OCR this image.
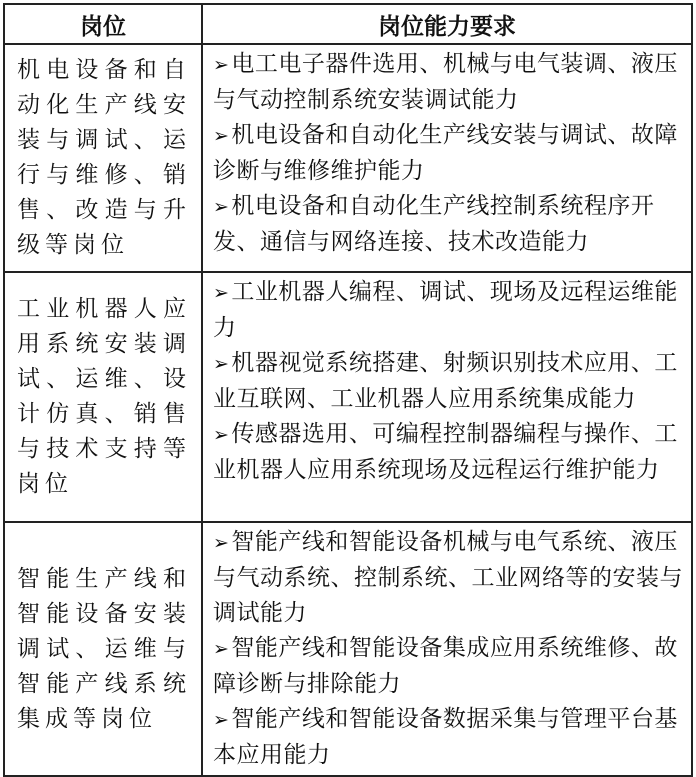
岗位	岗位能力要求
机电设备和自动化生产线安装与调试、运行与维修、销售、改造与升级等岗位	➢电工电子器件选用、机械与电气装调、液压与气动控制系统安装调试能力
➢机电设备和自动化生产线安装与调试、故障诊断与维修维护能力
➢机电设备和自动化生产线控制系统程序开发、通信与网络连接、技术改造能力

工业机器人应用系统安装调试、运维、设计仿真、销售与技术支持等岗位	➢工业机器人编程、调试、现场及远程运维能力
➢机器视觉系统搭建、射频识别技术应用、工业互联网、工业机器人应用系统集成能力
➢传感器选用、可编程控制器编程与操作、工业机器人应用系统现场及远程运行维护能力

智能生产线和智能设备安装调试、运维与智能产线系统集成等岗位	➢智能产线和智能设备机械与电气系统、液压与气动系统、控制系统、工业网络等的安装与调试能力
➢智能产线和智能设备集成应用系统维修、故障诊断与排除能力
➢智能产线和智能设备数据采集与管理平台基本应用能力
